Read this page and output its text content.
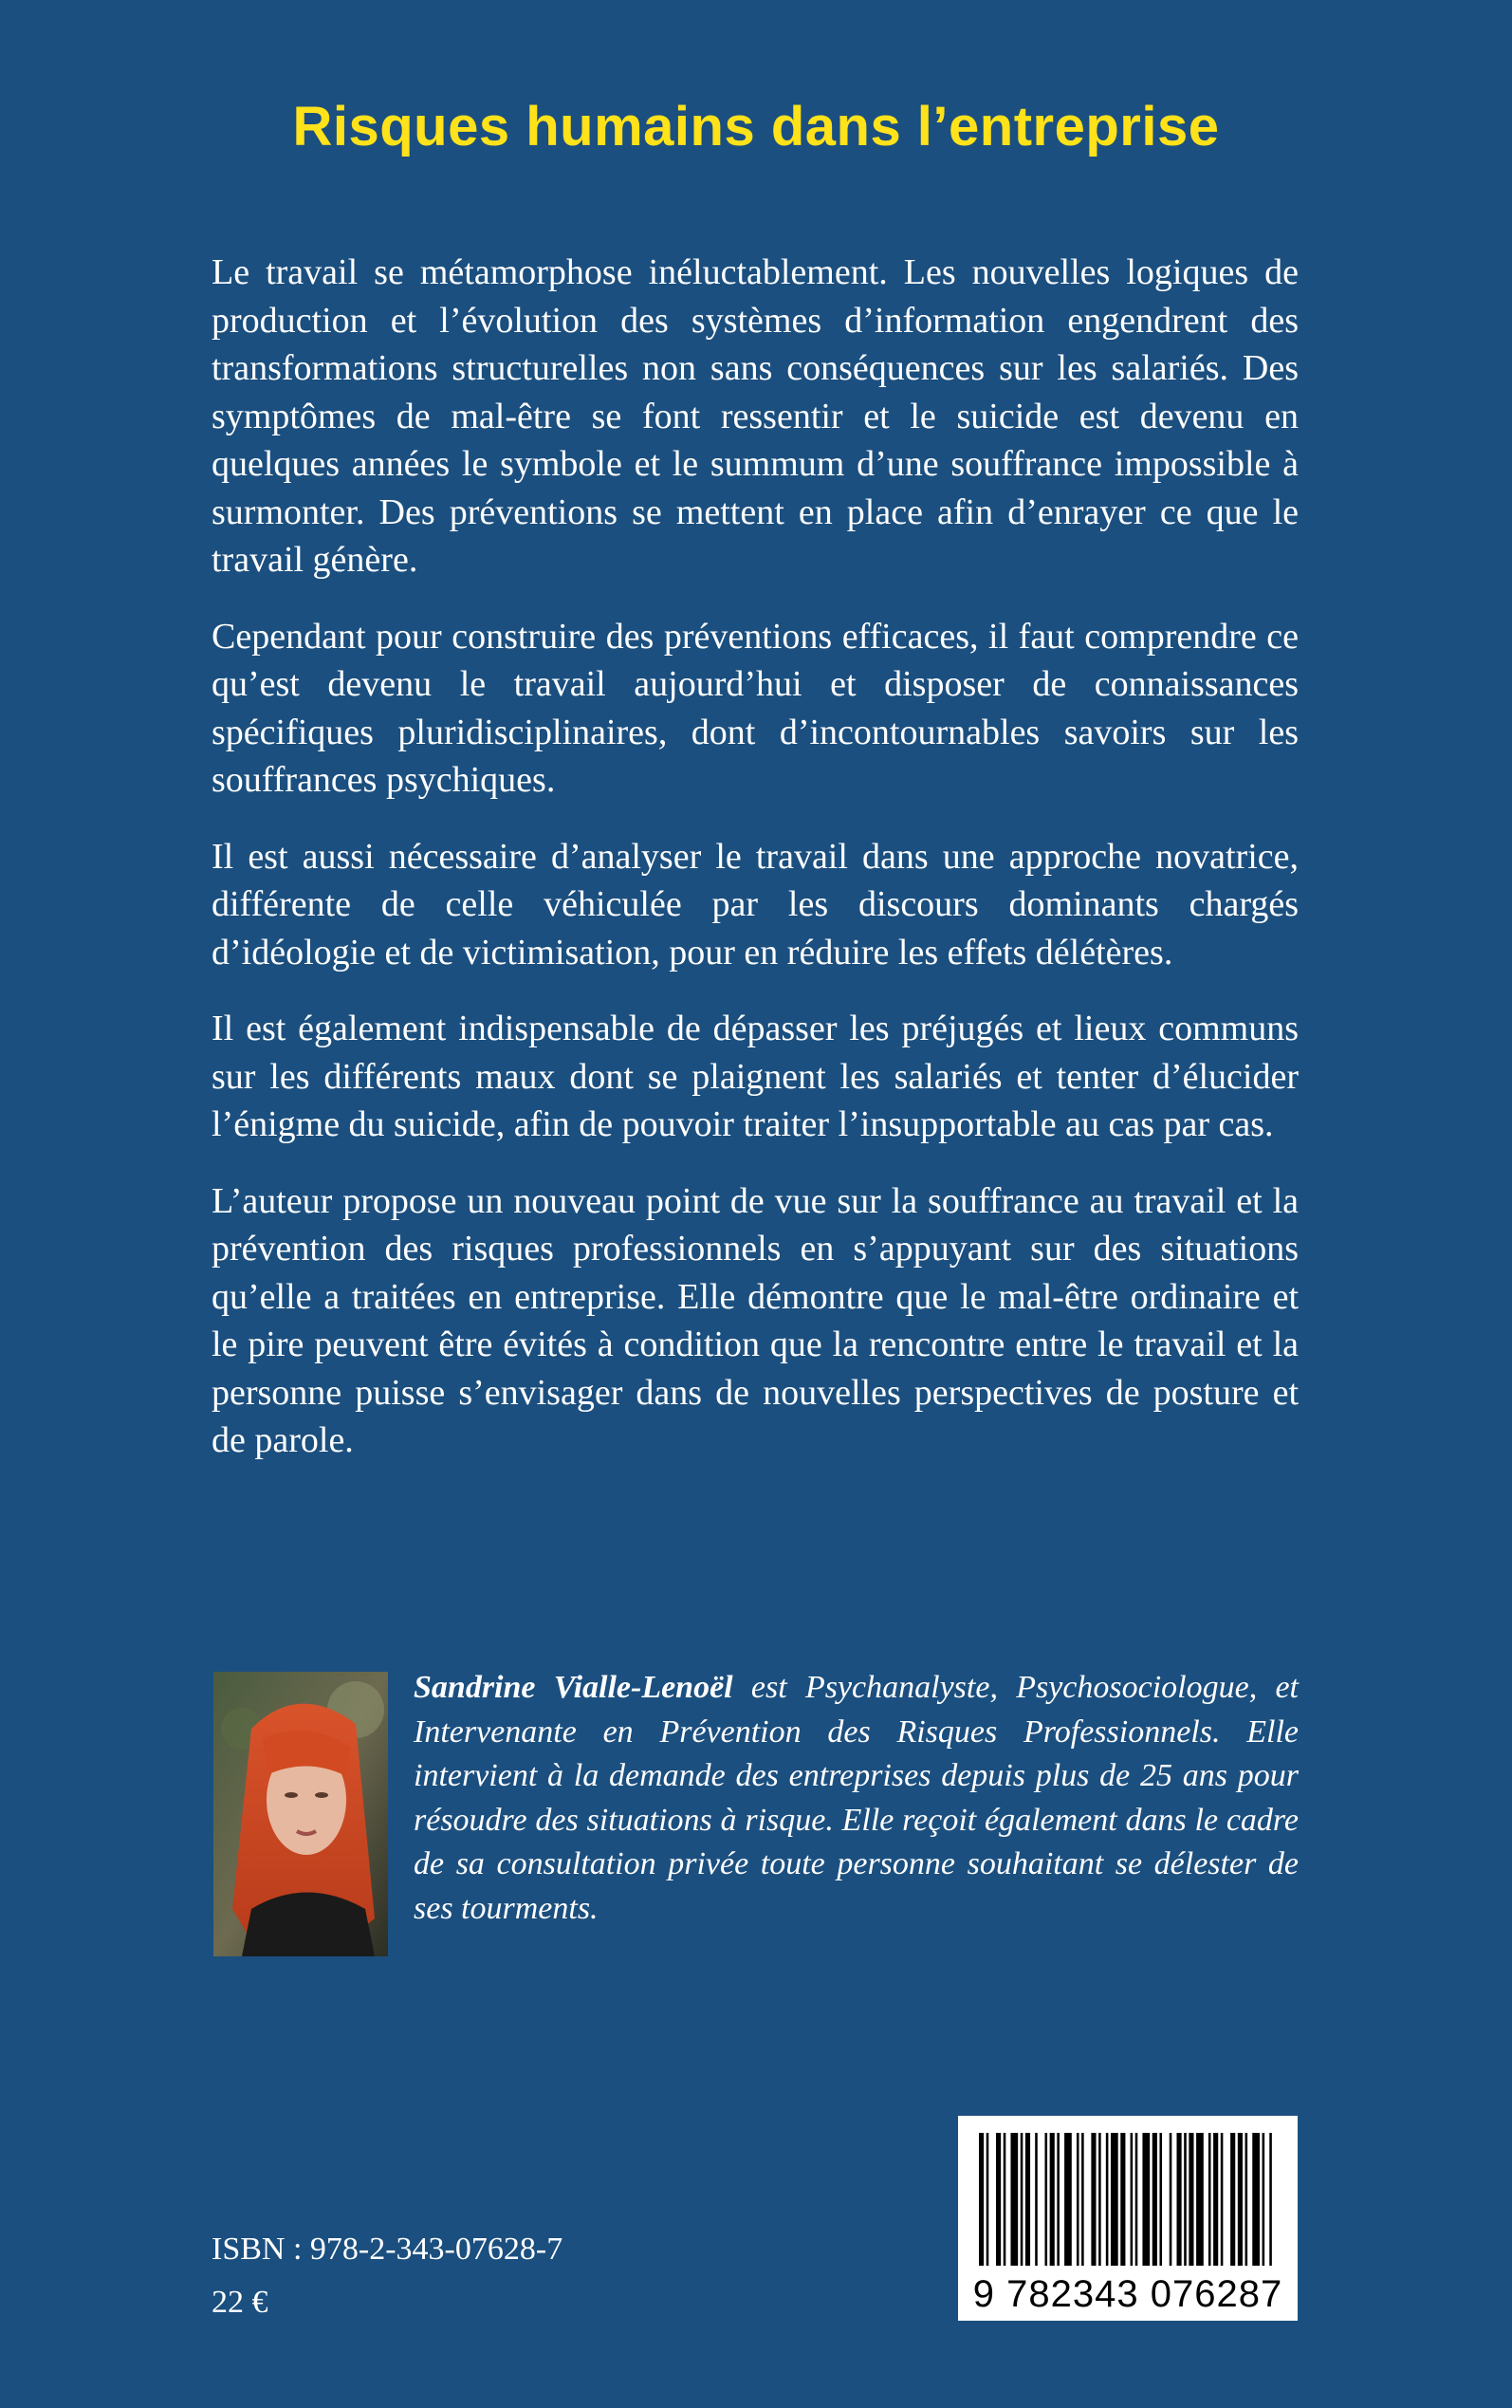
Risques humains dans l’entreprise

Le travail se métamorphose inéluctablement. Les nouvelles logiques de production et l’évolution des systèmes d’information engendrent des transformations structurelles non sans conséquences sur les salariés. Des symptômes de mal-être se font ressentir et le suicide est devenu en quelques années le symbole et le summum d’une souffrance impossible à surmonter. Des préventions se mettent en place afin d’enrayer ce que le travail génère.

Cependant pour construire des préventions efficaces, il faut comprendre ce qu’est devenu le travail aujourd’hui et disposer de connaissances spécifiques pluridisciplinaires, dont d’incontournables savoirs sur les souffrances psychiques.

Il est aussi nécessaire d’analyser le travail dans une approche novatrice, différente de celle véhiculée par les discours dominants chargés d’idéologie et de victimisation, pour en réduire les effets délétères.

Il est également indispensable de dépasser les préjugés et lieux communs sur les différents maux dont se plaignent les salariés et tenter d’élucider l’énigme du suicide, afin de pouvoir traiter l’insupportable au cas par cas.

L’auteur propose un nouveau point de vue sur la souffrance au travail et la prévention des risques professionnels en s’appuyant sur des situations qu’elle a traitées en entreprise. Elle démontre que le mal-être ordinaire et le pire peuvent être évités à condition que la rencontre entre le travail et la personne puisse s’envisager dans de nouvelles perspectives de posture et de parole.

Sandrine Vialle-Lenoël est Psychanalyste, Psychosociologue, et Intervenante en Prévention des Risques Professionnels. Elle intervient à la demande des entreprises depuis plus de 25 ans pour résoudre des situations à risque. Elle reçoit également dans le cadre de sa consultation privée toute personne souhaitant se délester de ses tourments.
ISBN : 978-2-343-07628-7
22 €	9 782343 076287
